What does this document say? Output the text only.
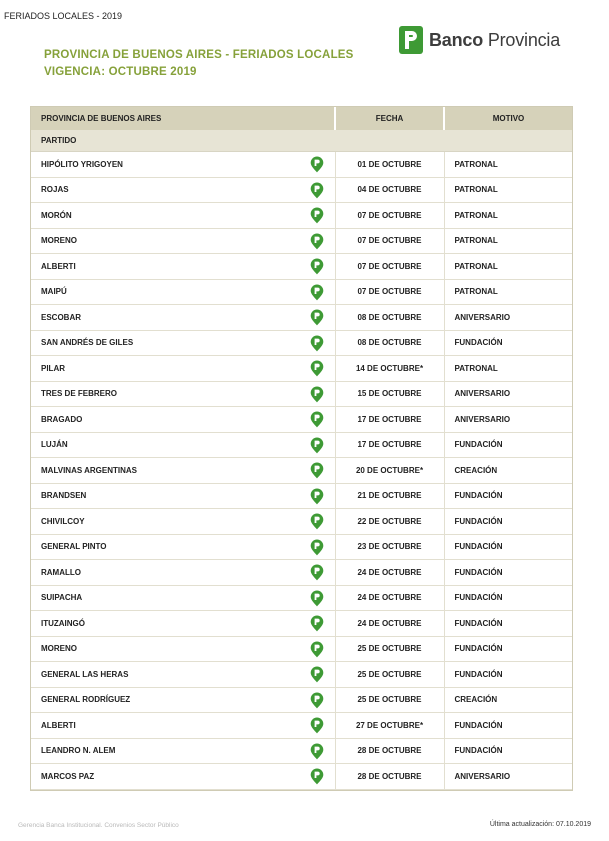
FERIADOS LOCALES - 2019
Banco Provincia
PROVINCIA DE BUENOS AIRES - FERIADOS LOCALES
VIGENCIA: OCTUBRE 2019
PROVINCIA DE BUENOS AIRES	FECHA	MOTIVO
PARTIDO		
HIPÓLITO YRIGOYEN	01 DE OCTUBRE	PATRONAL
ROJAS	04 DE OCTUBRE	PATRONAL
MORÓN	07 DE OCTUBRE	PATRONAL
MORENO	07 DE OCTUBRE	PATRONAL
ALBERTI	07 DE OCTUBRE	PATRONAL
MAIPÚ	07 DE OCTUBRE	PATRONAL
ESCOBAR	08 DE OCTUBRE	ANIVERSARIO
SAN ANDRÉS DE GILES	08 DE OCTUBRE	FUNDACIÓN
PILAR	14 DE OCTUBRE*	PATRONAL
TRES DE FEBRERO	15 DE OCTUBRE	ANIVERSARIO
BRAGADO	17 DE OCTUBRE	ANIVERSARIO
LUJÁN	17 DE OCTUBRE	FUNDACIÓN
MALVINAS ARGENTINAS	20 DE OCTUBRE*	CREACIÓN
BRANDSEN	21 DE OCTUBRE	FUNDACIÓN
CHIVILCOY	22 DE OCTUBRE	FUNDACIÓN
GENERAL PINTO	23 DE OCTUBRE	FUNDACIÓN
RAMALLO	24 DE OCTUBRE	FUNDACIÓN
SUIPACHA	24 DE OCTUBRE	FUNDACIÓN
ITUZAINGÓ	24 DE OCTUBRE	FUNDACIÓN
MORENO	25 DE OCTUBRE	FUNDACIÓN
GENERAL LAS HERAS	25 DE OCTUBRE	FUNDACIÓN
GENERAL RODRÍGUEZ	25 DE OCTUBRE	CREACIÓN
ALBERTI	27 DE OCTUBRE*	FUNDACIÓN
LEANDRO N. ALEM	28 DE OCTUBRE	FUNDACIÓN
MARCOS PAZ	28 DE OCTUBRE	ANIVERSARIO
Gerencia Banca Institucional. Convenios Sector Público	Última actualización: 07.10.2019
